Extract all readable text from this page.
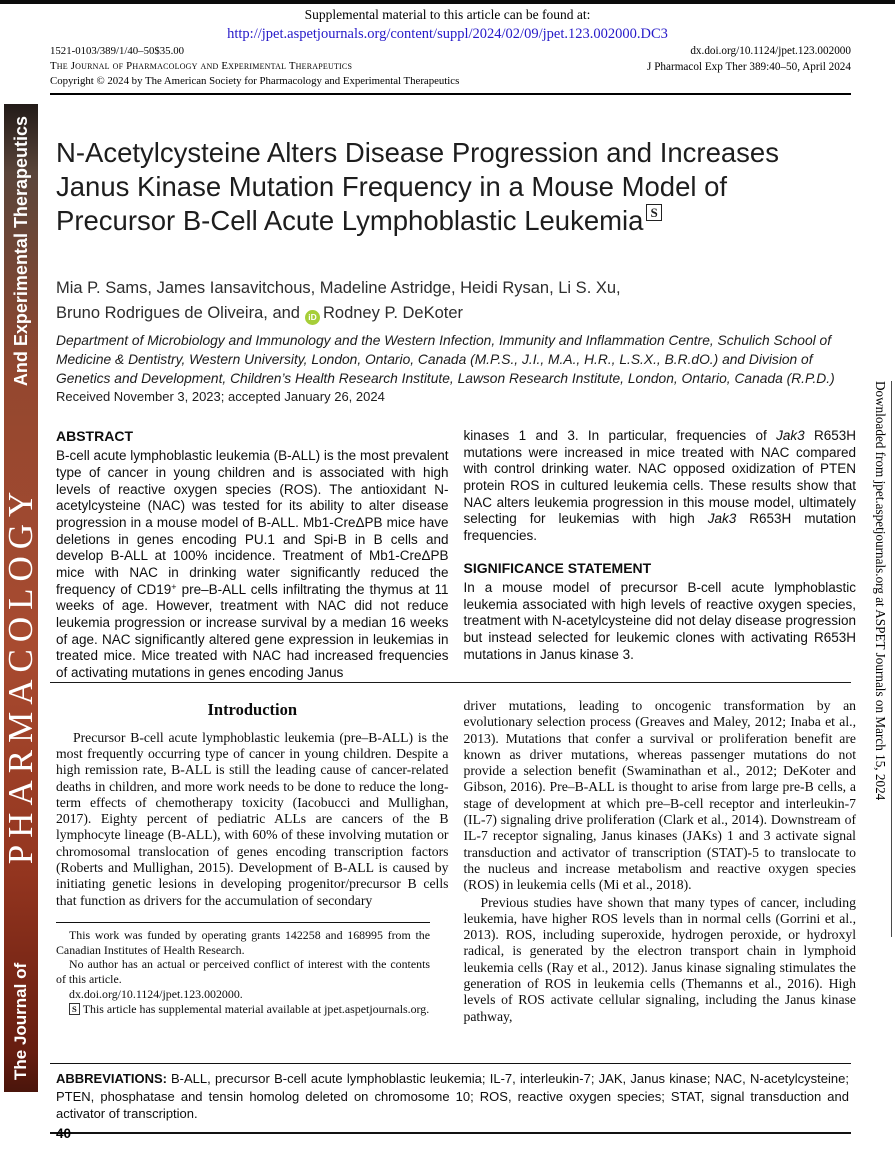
Supplemental material to this article can be found at:
http://jpet.aspetjournals.org/content/suppl/2024/02/09/jpet.123.002000.DC3
1521-0103/389/1/40–50$35.00
The Journal of Pharmacology and Experimental Therapeutics
Copyright © 2024 by The American Society for Pharmacology and Experimental Therapeutics
dx.doi.org/10.1124/jpet.123.002000
J Pharmacol Exp Ther 389:40–50, April 2024
The Journal of
PHARMACOLOGY
And Experimental Therapeutics
Downloaded from jpet.aspetjournals.org at ASPET Journals on March 15, 2024
N-Acetylcysteine Alters Disease Progression and Increases
Janus Kinase Mutation Frequency in a Mouse Model of
Precursor B-Cell Acute Lymphoblastic Leukemia S
Mia P. Sams, James Iansavitchous, Madeline Astridge, Heidi Rysan, Li S. Xu,
Bruno Rodrigues de Oliveira, and iD Rodney P. DeKoter
Department of Microbiology and Immunology and the Western Infection, Immunity and Inflammation Centre, Schulich School of Medicine & Dentistry, Western University, London, Ontario, Canada (M.P.S., J.I., M.A., H.R., L.S.X., B.R.dO.) and Division of Genetics and Development, Children’s Health Research Institute, Lawson Research Institute, London, Ontario, Canada (R.P.D.)
Received November 3, 2023; accepted January 26, 2024
ABSTRACT
B-cell acute lymphoblastic leukemia (B-ALL) is the most prevalent type of cancer in young children and is associated with high levels of reactive oxygen species (ROS). The antioxidant N-acetylcysteine (NAC) was tested for its ability to alter disease progression in a mouse model of B-ALL. Mb1-CreΔPB mice have deletions in genes encoding PU.1 and Spi-B in B cells and develop B-ALL at 100% incidence. Treatment of Mb1-CreΔPB mice with NAC in drinking water significantly reduced the frequency of CD19+ pre–B-ALL cells infiltrating the thymus at 11 weeks of age. However, treatment with NAC did not reduce leukemia progression or increase survival by a median 16 weeks of age. NAC significantly altered gene expression in leukemias in treated mice. Mice treated with NAC had increased frequencies of activating mutations in genes encoding Janus
kinases 1 and 3. In particular, frequencies of Jak3 R653H mutations were increased in mice treated with NAC compared with control drinking water. NAC opposed oxidization of PTEN protein ROS in cultured leukemia cells. These results show that NAC alters leukemia progression in this mouse model, ultimately selecting for leukemias with high Jak3 R653H mutation frequencies.
SIGNIFICANCE STATEMENT
In a mouse model of precursor B-cell acute lymphoblastic leukemia associated with high levels of reactive oxygen species, treatment with N-acetylcysteine did not delay disease progression but instead selected for leukemic clones with activating R653H mutations in Janus kinase 3.
Introduction

Precursor B-cell acute lymphoblastic leukemia (pre–B-ALL) is the most frequently occurring type of cancer in young children. Despite a high remission rate, B-ALL is still the leading cause of cancer-related deaths in children, and more work needs to be done to reduce the long-term effects of chemotherapy toxicity (Iacobucci and Mullighan, 2017). Eighty percent of pediatric ALLs are cancers of the B lymphocyte lineage (B-ALL), with 60% of these involving mutation or chromosomal translocation of genes encoding transcription factors (Roberts and Mullighan, 2015). Development of B-ALL is caused by initiating genetic lesions in developing progenitor/precursor B cells that function as drivers for the accumulation of secondary

This work was funded by operating grants 142258 and 168995 from the Canadian Institutes of Health Research.

No author has an actual or perceived conflict of interest with the contents of this article.

dx.doi.org/10.1124/jpet.123.002000.

S This article has supplemental material available at jpet.aspetjournals.org.

driver mutations, leading to oncogenic transformation by an evolutionary selection process (Greaves and Maley, 2012; Inaba et al., 2013). Mutations that confer a survival or proliferation benefit are known as driver mutations, whereas passenger mutations do not provide a selection benefit (Swaminathan et al., 2012; DeKoter and Gibson, 2016). Pre–B-ALL is thought to arise from large pre-B cells, a stage of development at which pre–B-cell receptor and interleukin-7 (IL-7) signaling drive proliferation (Clark et al., 2014). Downstream of IL-7 receptor signaling, Janus kinases (JAKs) 1 and 3 activate signal transduction and activator of transcription (STAT)-5 to translocate to the nucleus and increase metabolism and reactive oxygen species (ROS) in leukemia cells (Mi et al., 2018).

Previous studies have shown that many types of cancer, including leukemia, have higher ROS levels than in normal cells (Gorrini et al., 2013). ROS, including superoxide, hydrogen peroxide, or hydroxyl radical, is generated by the electron transport chain in lymphoid leukemia cells (Ray et al., 2012). Janus kinase signaling stimulates the generation of ROS in leukemia cells (Themanns et al., 2016). High levels of ROS activate cellular signaling, including the Janus kinase pathway,

ABBREVIATIONS: B-ALL, precursor B-cell acute lymphoblastic leukemia; IL-7, interleukin-7; JAK, Janus kinase; NAC, N-acetylcysteine; PTEN, phosphatase and tensin homolog deleted on chromosome 10; ROS, reactive oxygen species; STAT, signal transduction and activator of transcription.
40
